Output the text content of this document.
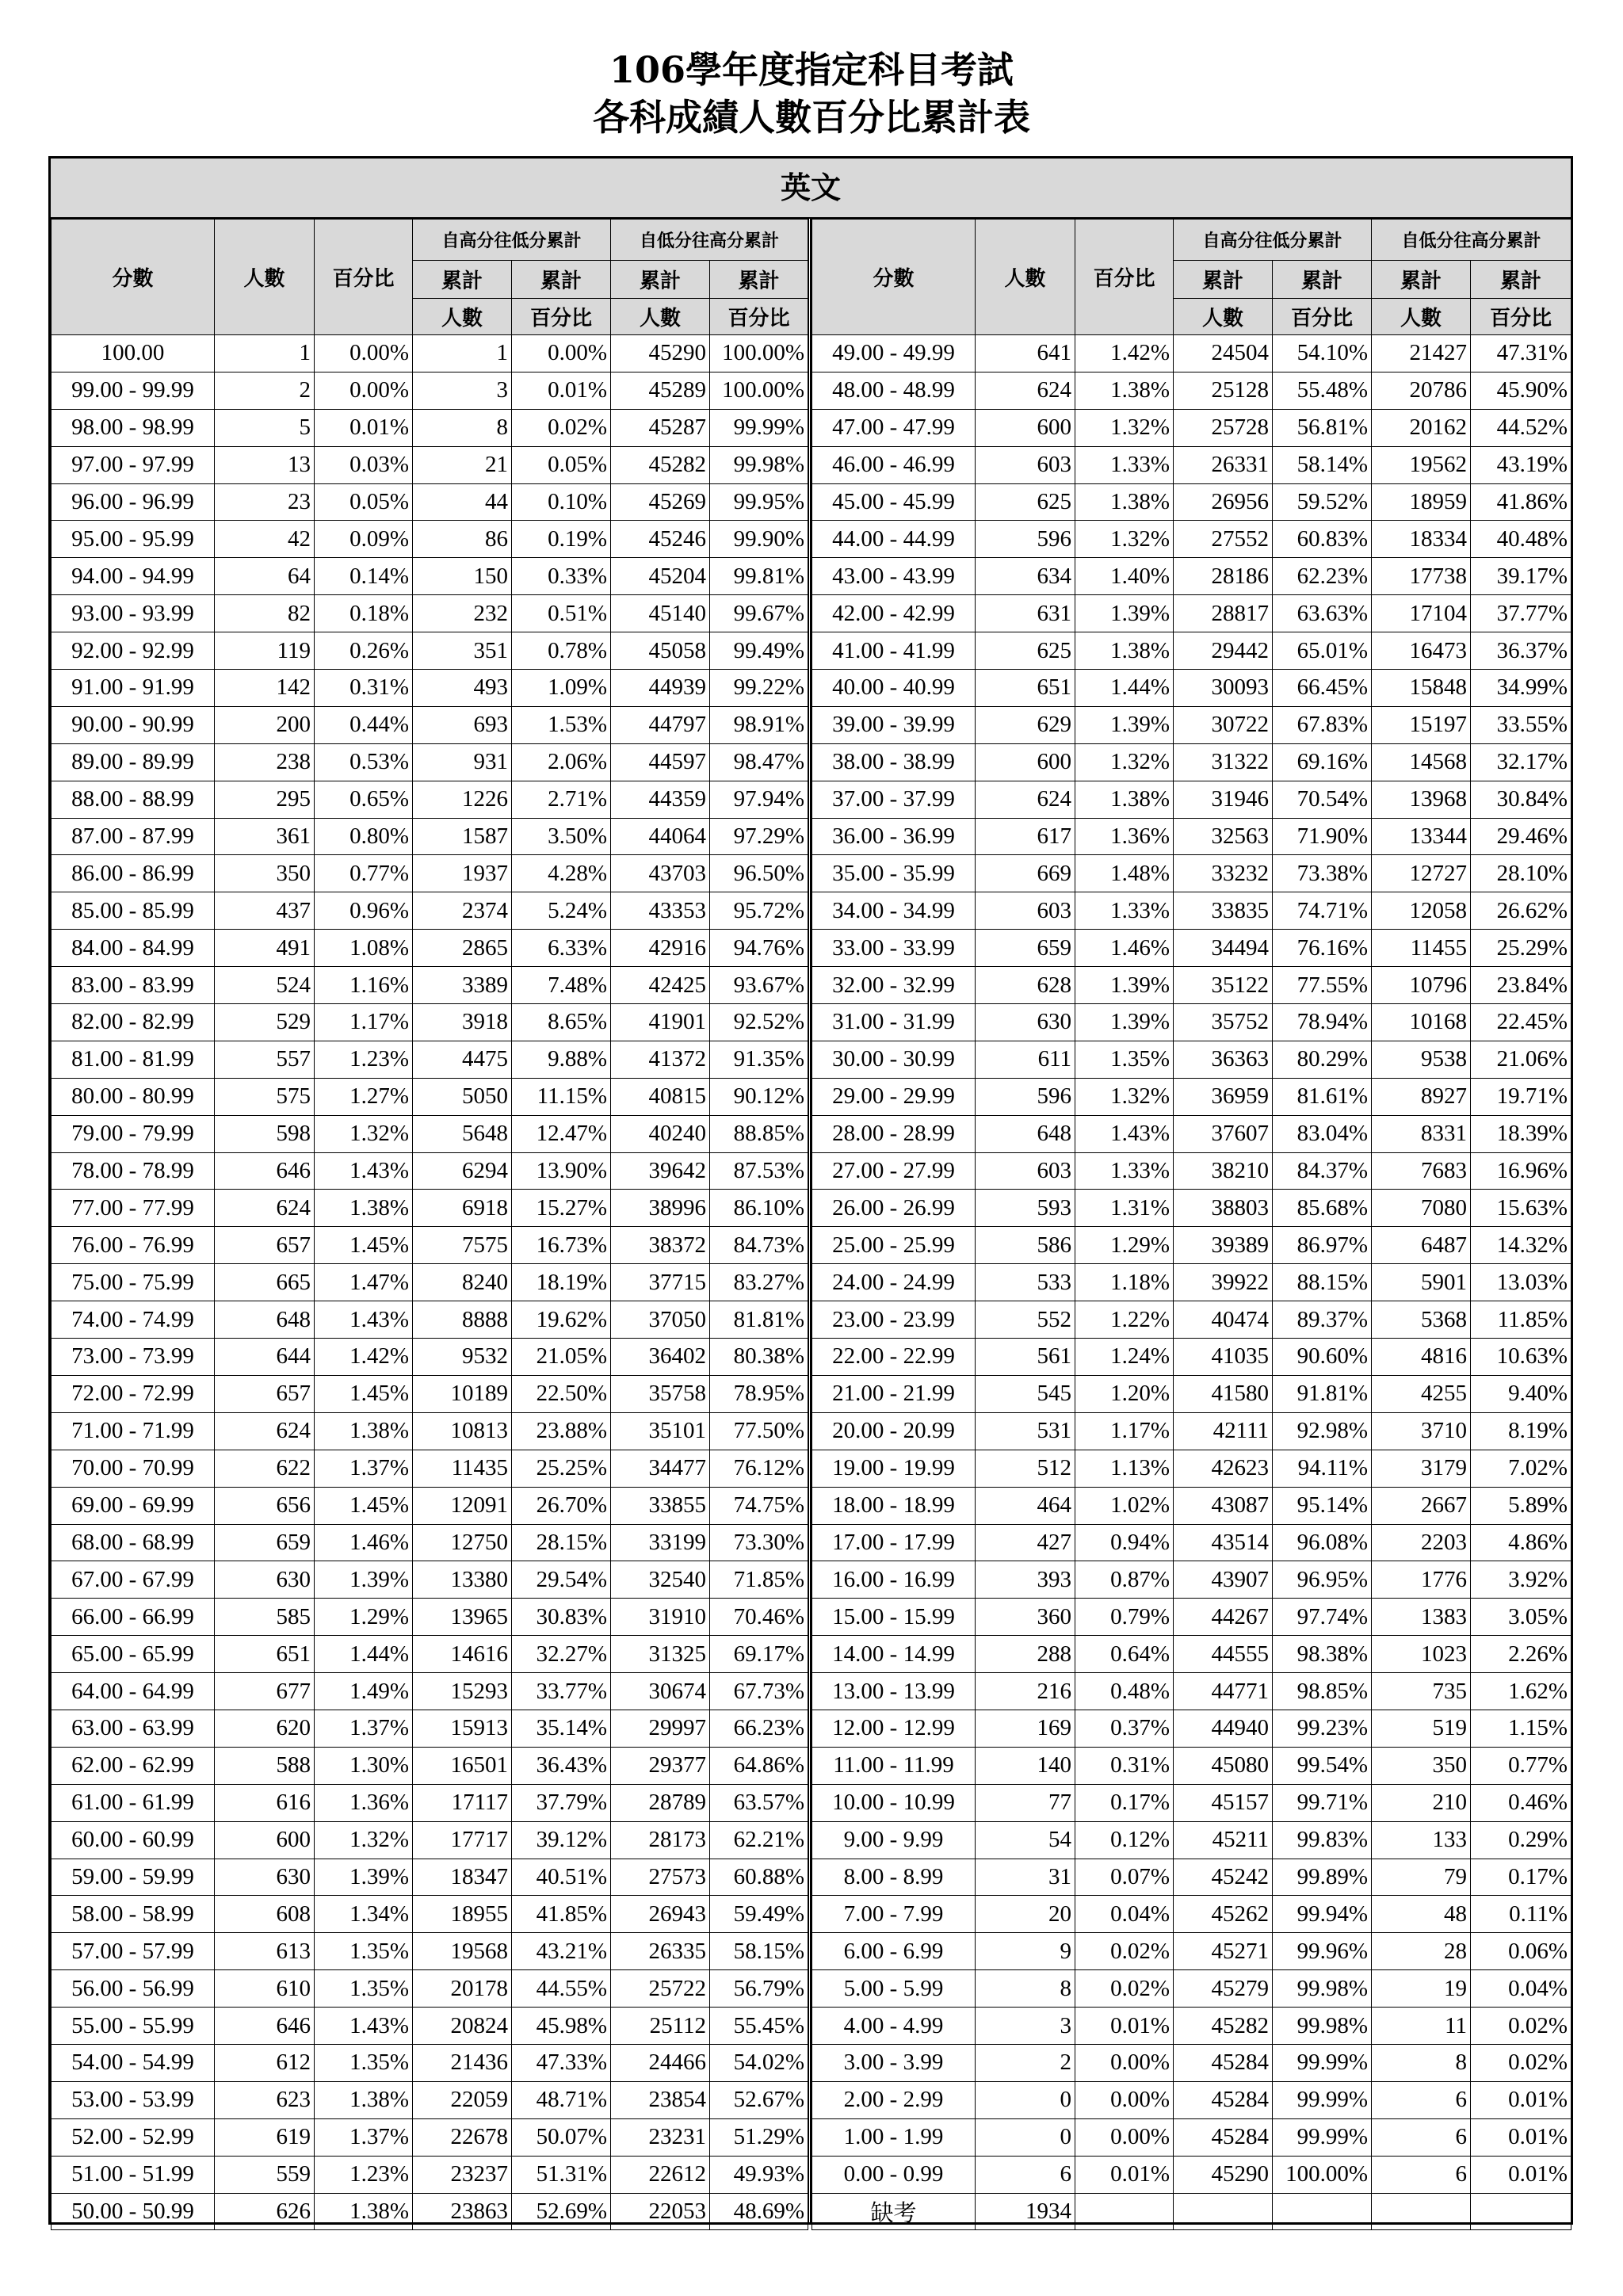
106學年度指定科目考試
各科成績人數百分比累計表
英文
分數	人數	百分比	自高分往低分累計		自低分往高分累計	
			累計	累計	累計	累計
			人數	百分比	人數	百分比
100.00	1	0.00%	1	0.00%	45290	100.00%
99.00 - 99.99	2	0.00%	3	0.01%	45289	100.00%
98.00 - 98.99	5	0.01%	8	0.02%	45287	99.99%
97.00 - 97.99	13	0.03%	21	0.05%	45282	99.98%
96.00 - 96.99	23	0.05%	44	0.10%	45269	99.95%
95.00 - 95.99	42	0.09%	86	0.19%	45246	99.90%
94.00 - 94.99	64	0.14%	150	0.33%	45204	99.81%
93.00 - 93.99	82	0.18%	232	0.51%	45140	99.67%
92.00 - 92.99	119	0.26%	351	0.78%	45058	99.49%
91.00 - 91.99	142	0.31%	493	1.09%	44939	99.22%
90.00 - 90.99	200	0.44%	693	1.53%	44797	98.91%
89.00 - 89.99	238	0.53%	931	2.06%	44597	98.47%
88.00 - 88.99	295	0.65%	1226	2.71%	44359	97.94%
87.00 - 87.99	361	0.80%	1587	3.50%	44064	97.29%
86.00 - 86.99	350	0.77%	1937	4.28%	43703	96.50%
85.00 - 85.99	437	0.96%	2374	5.24%	43353	95.72%
84.00 - 84.99	491	1.08%	2865	6.33%	42916	94.76%
83.00 - 83.99	524	1.16%	3389	7.48%	42425	93.67%
82.00 - 82.99	529	1.17%	3918	8.65%	41901	92.52%
81.00 - 81.99	557	1.23%	4475	9.88%	41372	91.35%
80.00 - 80.99	575	1.27%	5050	11.15%	40815	90.12%
79.00 - 79.99	598	1.32%	5648	12.47%	40240	88.85%
78.00 - 78.99	646	1.43%	6294	13.90%	39642	87.53%
77.00 - 77.99	624	1.38%	6918	15.27%	38996	86.10%
76.00 - 76.99	657	1.45%	7575	16.73%	38372	84.73%
75.00 - 75.99	665	1.47%	8240	18.19%	37715	83.27%
74.00 - 74.99	648	1.43%	8888	19.62%	37050	81.81%
73.00 - 73.99	644	1.42%	9532	21.05%	36402	80.38%
72.00 - 72.99	657	1.45%	10189	22.50%	35758	78.95%
71.00 - 71.99	624	1.38%	10813	23.88%	35101	77.50%
70.00 - 70.99	622	1.37%	11435	25.25%	34477	76.12%
69.00 - 69.99	656	1.45%	12091	26.70%	33855	74.75%
68.00 - 68.99	659	1.46%	12750	28.15%	33199	73.30%
67.00 - 67.99	630	1.39%	13380	29.54%	32540	71.85%
66.00 - 66.99	585	1.29%	13965	30.83%	31910	70.46%
65.00 - 65.99	651	1.44%	14616	32.27%	31325	69.17%
64.00 - 64.99	677	1.49%	15293	33.77%	30674	67.73%
63.00 - 63.99	620	1.37%	15913	35.14%	29997	66.23%
62.00 - 62.99	588	1.30%	16501	36.43%	29377	64.86%
61.00 - 61.99	616	1.36%	17117	37.79%	28789	63.57%
60.00 - 60.99	600	1.32%	17717	39.12%	28173	62.21%
59.00 - 59.99	630	1.39%	18347	40.51%	27573	60.88%
58.00 - 58.99	608	1.34%	18955	41.85%	26943	59.49%
57.00 - 57.99	613	1.35%	19568	43.21%	26335	58.15%
56.00 - 56.99	610	1.35%	20178	44.55%	25722	56.79%
55.00 - 55.99	646	1.43%	20824	45.98%	25112	55.45%
54.00 - 54.99	612	1.35%	21436	47.33%	24466	54.02%
53.00 - 53.99	623	1.38%	22059	48.71%	23854	52.67%
52.00 - 52.99	619	1.37%	22678	50.07%	23231	51.29%
51.00 - 51.99	559	1.23%	23237	51.31%	22612	49.93%
50.00 - 50.99	626	1.38%	23863	52.69%	22053	48.69%
分數	人數	百分比	自高分往低分累計		自低分往高分累計	
			累計	累計	累計	累計
			人數	百分比	人數	百分比
49.00 - 49.99	641	1.42%	24504	54.10%	21427	47.31%
48.00 - 48.99	624	1.38%	25128	55.48%	20786	45.90%
47.00 - 47.99	600	1.32%	25728	56.81%	20162	44.52%
46.00 - 46.99	603	1.33%	26331	58.14%	19562	43.19%
45.00 - 45.99	625	1.38%	26956	59.52%	18959	41.86%
44.00 - 44.99	596	1.32%	27552	60.83%	18334	40.48%
43.00 - 43.99	634	1.40%	28186	62.23%	17738	39.17%
42.00 - 42.99	631	1.39%	28817	63.63%	17104	37.77%
41.00 - 41.99	625	1.38%	29442	65.01%	16473	36.37%
40.00 - 40.99	651	1.44%	30093	66.45%	15848	34.99%
39.00 - 39.99	629	1.39%	30722	67.83%	15197	33.55%
38.00 - 38.99	600	1.32%	31322	69.16%	14568	32.17%
37.00 - 37.99	624	1.38%	31946	70.54%	13968	30.84%
36.00 - 36.99	617	1.36%	32563	71.90%	13344	29.46%
35.00 - 35.99	669	1.48%	33232	73.38%	12727	28.10%
34.00 - 34.99	603	1.33%	33835	74.71%	12058	26.62%
33.00 - 33.99	659	1.46%	34494	76.16%	11455	25.29%
32.00 - 32.99	628	1.39%	35122	77.55%	10796	23.84%
31.00 - 31.99	630	1.39%	35752	78.94%	10168	22.45%
30.00 - 30.99	611	1.35%	36363	80.29%	9538	21.06%
29.00 - 29.99	596	1.32%	36959	81.61%	8927	19.71%
28.00 - 28.99	648	1.43%	37607	83.04%	8331	18.39%
27.00 - 27.99	603	1.33%	38210	84.37%	7683	16.96%
26.00 - 26.99	593	1.31%	38803	85.68%	7080	15.63%
25.00 - 25.99	586	1.29%	39389	86.97%	6487	14.32%
24.00 - 24.99	533	1.18%	39922	88.15%	5901	13.03%
23.00 - 23.99	552	1.22%	40474	89.37%	5368	11.85%
22.00 - 22.99	561	1.24%	41035	90.60%	4816	10.63%
21.00 - 21.99	545	1.20%	41580	91.81%	4255	9.40%
20.00 - 20.99	531	1.17%	42111	92.98%	3710	8.19%
19.00 - 19.99	512	1.13%	42623	94.11%	3179	7.02%
18.00 - 18.99	464	1.02%	43087	95.14%	2667	5.89%
17.00 - 17.99	427	0.94%	43514	96.08%	2203	4.86%
16.00 - 16.99	393	0.87%	43907	96.95%	1776	3.92%
15.00 - 15.99	360	0.79%	44267	97.74%	1383	3.05%
14.00 - 14.99	288	0.64%	44555	98.38%	1023	2.26%
13.00 - 13.99	216	0.48%	44771	98.85%	735	1.62%
12.00 - 12.99	169	0.37%	44940	99.23%	519	1.15%
11.00 - 11.99	140	0.31%	45080	99.54%	350	0.77%
10.00 - 10.99	77	0.17%	45157	99.71%	210	0.46%
9.00 - 9.99	54	0.12%	45211	99.83%	133	0.29%
8.00 - 8.99	31	0.07%	45242	99.89%	79	0.17%
7.00 - 7.99	20	0.04%	45262	99.94%	48	0.11%
6.00 - 6.99	9	0.02%	45271	99.96%	28	0.06%
5.00 - 5.99	8	0.02%	45279	99.98%	19	0.04%
4.00 - 4.99	3	0.01%	45282	99.98%	11	0.02%
3.00 - 3.99	2	0.00%	45284	99.99%	8	0.02%
2.00 - 2.99	0	0.00%	45284	99.99%	6	0.01%
1.00 - 1.99	0	0.00%	45284	99.99%	6	0.01%
0.00 - 0.99	6	0.01%	45290	100.00%	6	0.01%
缺考	1934					
